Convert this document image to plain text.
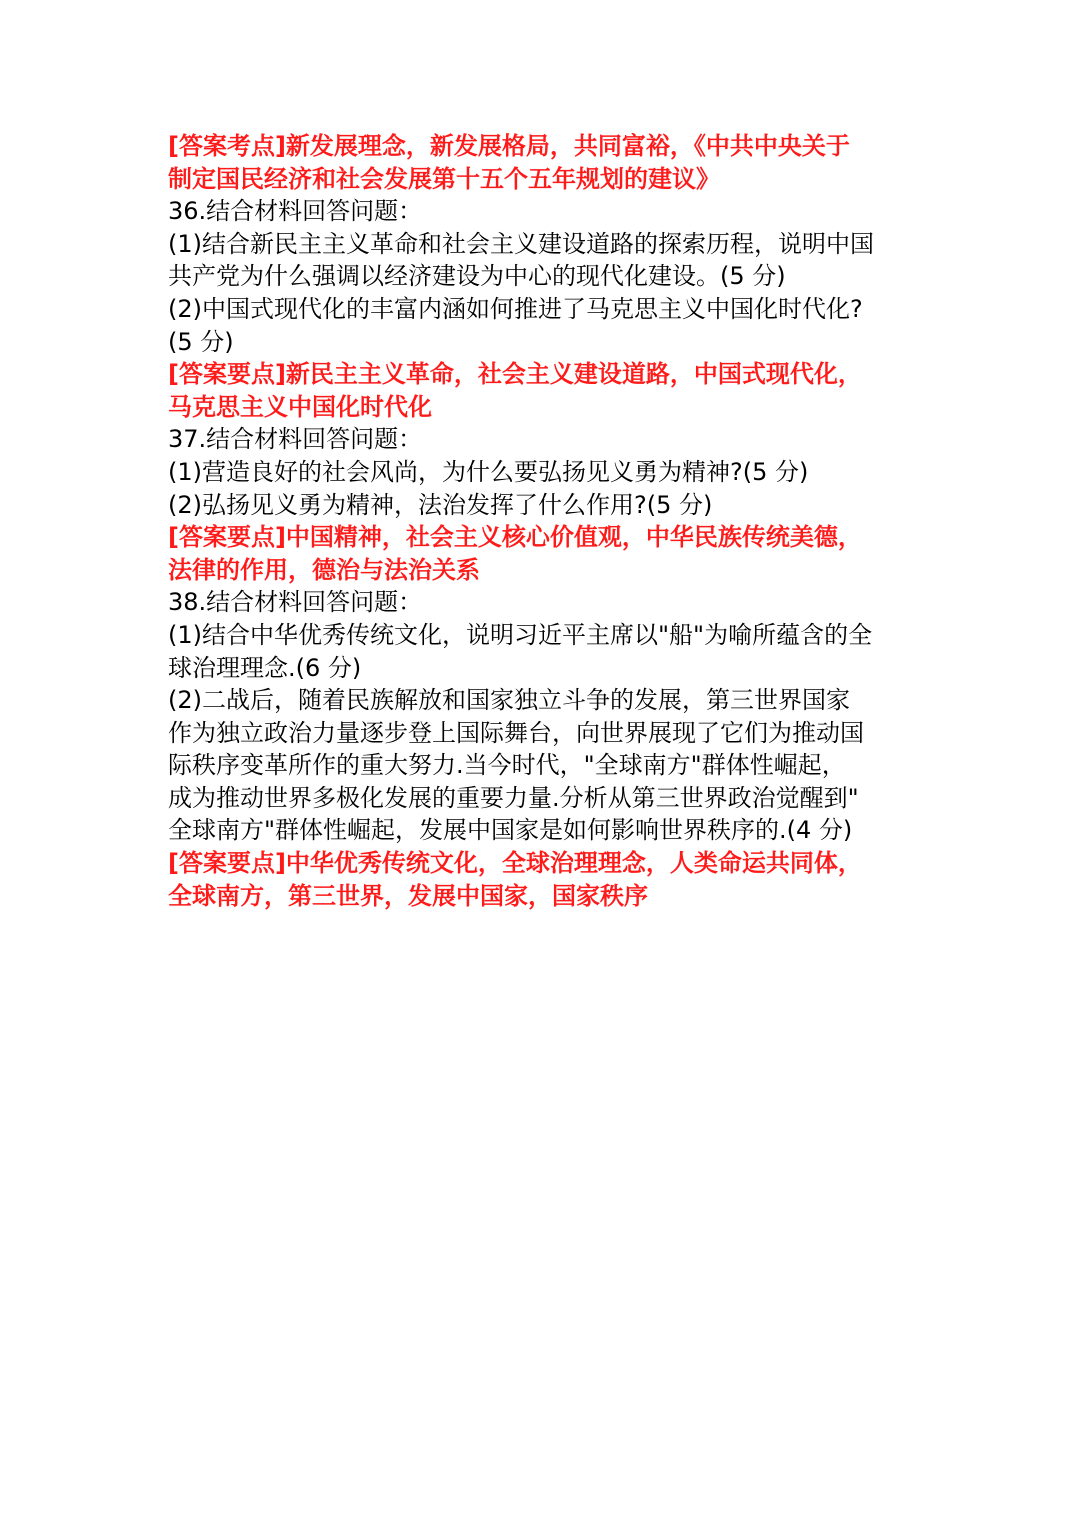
[答案考点]新发展理念，新发展格局，共同富裕，《中共中央关于
制定国民经济和社会发展第十五个五年规划的建议》
36.结合材料回答问题：
(1)结合新民主主义革命和社会主义建设道路的探索历程，说明中国
共产党为什么强调以经济建设为中心的现代化建设。(5 分)
(2)中国式现代化的丰富内涵如何推进了马克思主义中国化时代化?
(5 分)
[答案要点]新民主主义革命，社会主义建设道路，中国式现代化，
马克思主义中国化时代化
37.结合材料回答问题：
(1)营造良好的社会风尚，为什么要弘扬见义勇为精神?(5 分)
(2)弘扬见义勇为精神，法治发挥了什么作用?(5 分)
[答案要点]中国精神，社会主义核心价值观，中华民族传统美德，
法律的作用，德治与法治关系
38.结合材料回答问题：
(1)结合中华优秀传统文化，说明习近平主席以"船"为喻所蕴含的全
球治理理念.(6 分)
(2)二战后，随着民族解放和国家独立斗争的发展，第三世界国家
作为独立政治力量逐步登上国际舞台，向世界展现了它们为推动国
际秩序变革所作的重大努力.当今时代，"全球南方"群体性崛起，
成为推动世界多极化发展的重要力量.分析从第三世界政治觉醒到"
全球南方"群体性崛起，发展中国家是如何影响世界秩序的.(4 分)
[答案要点]中华优秀传统文化，全球治理理念，人类命运共同体，
全球南方，第三世界，发展中国家，国家秩序
